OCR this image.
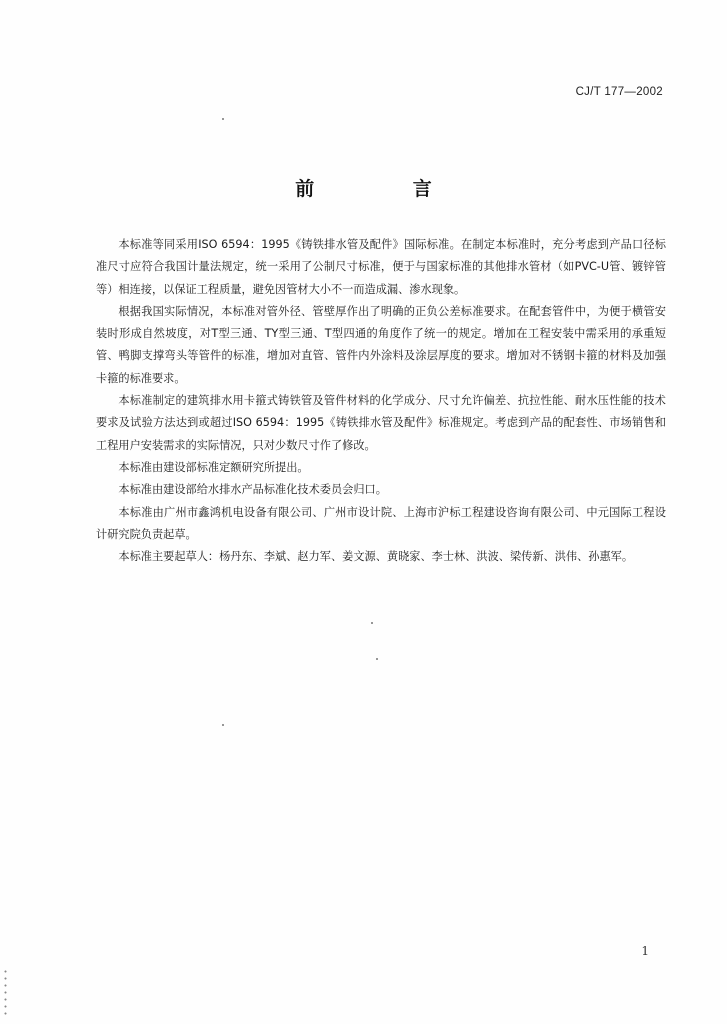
CJ/T 177—2002
前 言

本标准等同采用ISO 6594：1995《铸铁排水管及配件》国际标准。在制定本标准时，充分考虑到产品口径标准尺寸应符合我国计量法规定，统一采用了公制尺寸标准，便于与国家标准的其他排水管材（如PVC-U管、镀锌管等）相连接，以保证工程质量，避免因管材大小不一而造成漏、渗水现象。

根据我国实际情况，本标准对管外径、管壁厚作出了明确的正负公差标准要求。在配套管件中，为便于横管安装时形成自然坡度，对T型三通、TY型三通、T型四通的角度作了统一的规定。增加在工程安装中需采用的承重短管、鸭脚支撑弯头等管件的标准，增加对直管、管件内外涂料及涂层厚度的要求。增加对不锈钢卡箍的材料及加强卡箍的标准要求。

本标准制定的建筑排水用卡箍式铸铁管及管件材料的化学成分、尺寸允许偏差、抗拉性能、耐水压性能的技术要求及试验方法达到或超过ISO 6594：1995《铸铁排水管及配件》标准规定。考虑到产品的配套性、市场销售和工程用户安装需求的实际情况，只对少数尺寸作了修改。

本标准由建设部标准定额研究所提出。

本标准由建设部给水排水产品标准化技术委员会归口。

本标准由广州市鑫鸿机电设备有限公司、广州市设计院、上海市沪标工程建设咨询有限公司、中元国际工程设计研究院负责起草。

本标准主要起草人：杨丹东、李斌、赵力军、姜文源、黄晓家、李士林、洪波、梁传新、洪伟、孙惠军。

1
